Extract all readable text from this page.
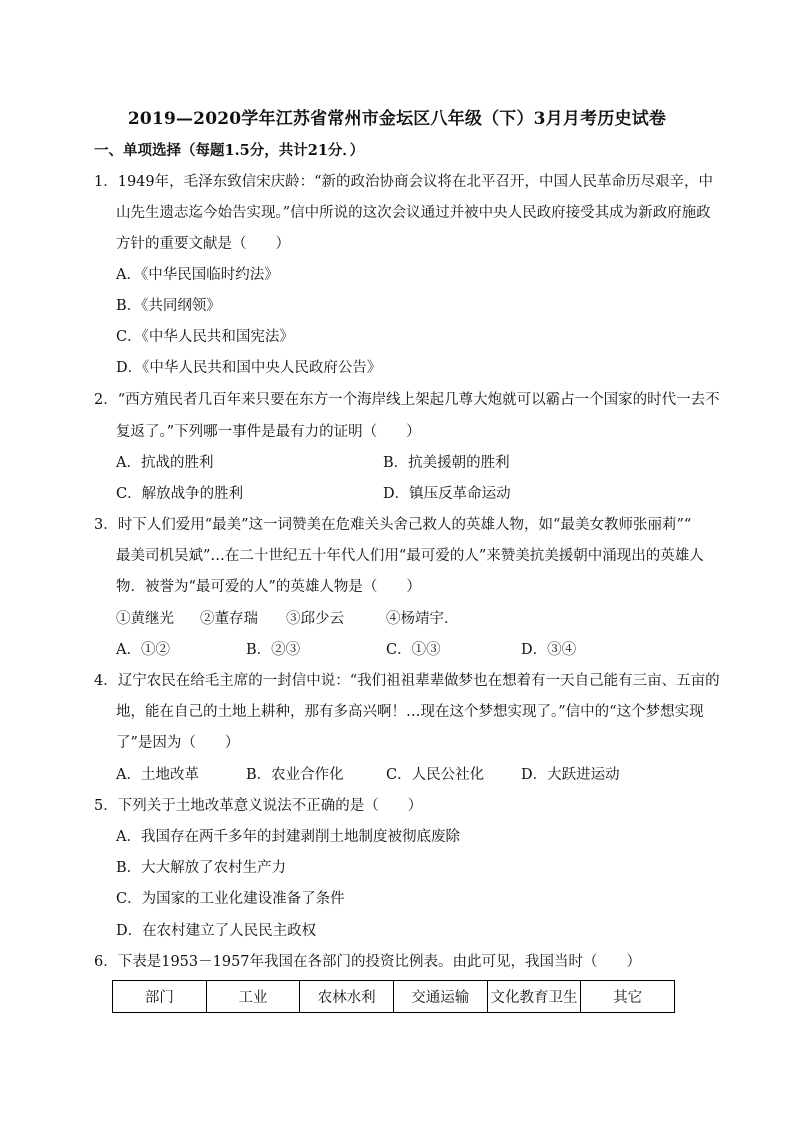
2019—2020学年江苏省常州市金坛区八年级（下）3月月考历史试卷
一、单项选择（每题1.5分，共计21分．）
1．1949年，毛泽东致信宋庆龄：“新的政治协商会议将在北平召开，中国人民革命历尽艰辛，中
山先生遗志迄今始告实现。”信中所说的这次会议通过并被中央人民政府接受其成为新政府施政
方针的重要文献是（　　）
A．《中华民国临时约法》
B．《共同纲领》
C．《中华人民共和国宪法》
D．《中华人民共和国中央人民政府公告》
2．“西方殖民者几百年来只要在东方一个海岸线上架起几尊大炮就可以霸占一个国家的时代一去不
复返了。”下列哪一事件是最有力的证明（　　）
A．抗战的胜利	B．抗美援朝的胜利
C．解放战争的胜利	D．镇压反革命运动
3．时下人们爱用“最美”这一词赞美在危难关头舍己救人的英雄人物，如“最美女教师张丽莉”“
最美司机吴斌”…在二十世纪五十年代人们用“最可爱的人”来赞美抗美援朝中涌现出的英雄人
物．被誉为“最可爱的人”的英雄人物是（　　）
①黄继光 ②董存瑞 ③邱少云	④杨靖宇．
A．①②	B．②③	C．①③	D．③④
4．辽宁农民在给毛主席的一封信中说：“我们祖祖辈辈做梦也在想着有一天自己能有三亩、五亩的
地，能在自己的土地上耕种，那有多高兴啊！…现在这个梦想实现了。”信中的“这个梦想实现
了”是因为（　　）
A．土地改革	B．农业合作化	C．人民公社化	D．大跃进运动
5．下列关于土地改革意义说法不正确的是（　　）
A．我国存在两千多年的封建剥削土地制度被彻底废除
B．大大解放了农村生产力
C．为国家的工业化建设准备了条件
D．在农村建立了人民民主政权
6．下表是1953－1957年我国在各部门的投资比例表。由此可见，我国当时（　　）
部门	工业	农林水利	交通运输	文化教育卫生	其它
